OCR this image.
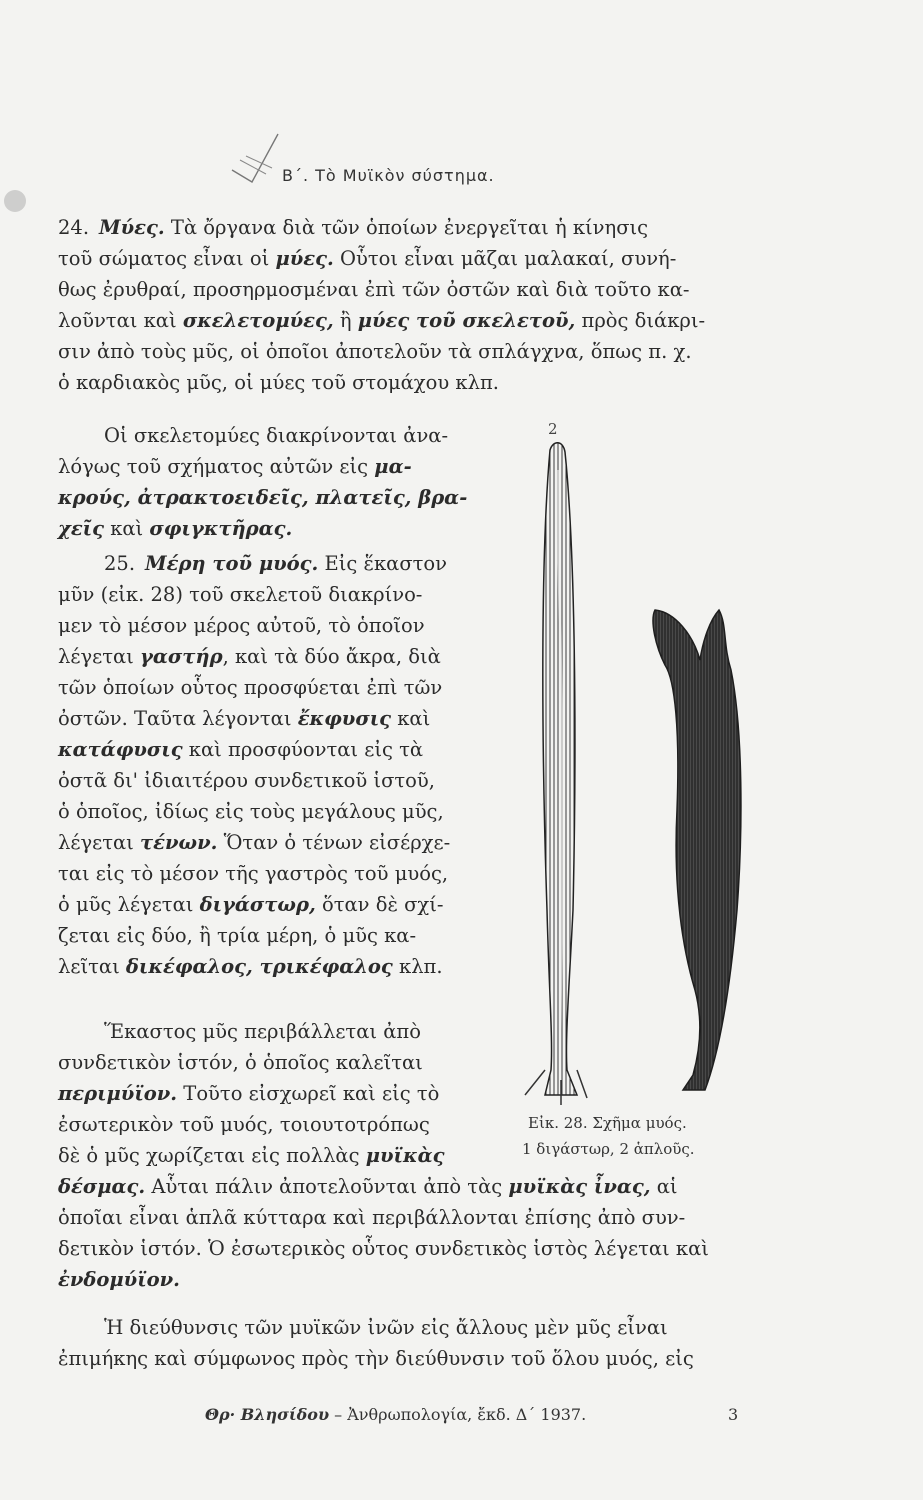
Β΄. Τὸ Μυϊκὸν σύστημα.
24. Μύες. Τὰ ὄργανα διὰ τῶν ὁποίων ἐνεργεῖται ἡ κίνησις
τοῦ σώματος εἶναι οἱ μύες. Οὗτοι εἶναι μᾶζαι μαλακαί, συνή-
θως ἐρυθραί, προσηρμοσμέναι ἐπὶ τῶν ὀστῶν καὶ διὰ τοῦτο κα-
λοῦνται καὶ σκελετομύες, ἢ μύες τοῦ σκελετοῦ, πρὸς διάκρι-
σιν ἀπὸ τοὺς μῦς, οἱ ὁποῖοι ἀποτελοῦν τὰ σπλάγχνα, ὅπως π. χ.
ὁ καρδιακὸς μῦς, οἱ μύες τοῦ στομάχου κλπ.
Οἱ σκελετομύες διακρίνονται ἀνα-
λόγως τοῦ σχήματος αὐτῶν εἰς μα-
κρούς, ἀτρακτοειδεῖς, πλατεῖς, βρα-
χεῖς καὶ σφιγκτῆρας.
25. Μέρη τοῦ μυός. Εἰς ἕκαστον
μῦν (εἰκ. 28) τοῦ σκελετοῦ διακρίνο-
μεν τὸ μέσον μέρος αὐτοῦ, τὸ ὁποῖον
λέγεται γαστήρ, καὶ τὰ δύο ἄκρα, διὰ
τῶν ὁποίων οὗτος προσφύεται ἐπὶ τῶν
ὀστῶν. Ταῦτα λέγονται ἔκφυσις καὶ
κατάφυσις καὶ προσφύονται εἰς τὰ
ὀστᾶ δι' ἰδιαιτέρου συνδετικοῦ ἱστοῦ,
ὁ ὁποῖος, ἰδίως εἰς τοὺς μεγάλους μῦς,
λέγεται τένων. Ὅταν ὁ τένων εἰσέρχε-
ται εἰς τὸ μέσον τῆς γαστρὸς τοῦ μυός,
ὁ μῦς λέγεται διγάστωρ, ὅταν δὲ σχί-
ζεται εἰς δύο, ἢ τρία μέρη, ὁ μῦς κα-
λεῖται δικέφαλος, τρικέφαλος κλπ.
Ἕκαστος μῦς περιβάλλεται ἀπὸ
συνδετικὸν ἱστόν, ὁ ὁποῖος καλεῖται
περιμύϊον. Τοῦτο εἰσχωρεῖ καὶ εἰς τὸ
ἐσωτερικὸν τοῦ μυός, τοιουτοτρόπως
δὲ ὁ μῦς χωρίζεται εἰς πολλὰς μυϊκὰς
δέσμας. Αὗται πάλιν ἀποτελοῦνται ἀπὸ τὰς μυϊκὰς ἶνας, αἱ
ὁποῖαι εἶναι ἁπλᾶ κύτταρα καὶ περιβάλλονται ἐπίσης ἀπὸ συν-
δετικὸν ἱστόν. Ὁ ἐσωτερικὸς οὗτος συνδετικὸς ἱστὸς λέγεται καὶ
ἐνδομύϊον.
Ἡ διεύθυνσις τῶν μυϊκῶν ἰνῶν εἰς ἄλλους μὲν μῦς εἶναι
ἐπιμήκης καὶ σύμφωνος πρὸς τὴν διεύθυνσιν τοῦ ὅλου μυός, εἰς
2
Εἰκ. 28. Σχῆμα μυός.
1 διγάστωρ, 2 ἁπλοῦς.
Θρ· Βλησίδου – Ἀνθρωπολογία, ἔκδ. Δ΄ 1937.	3
